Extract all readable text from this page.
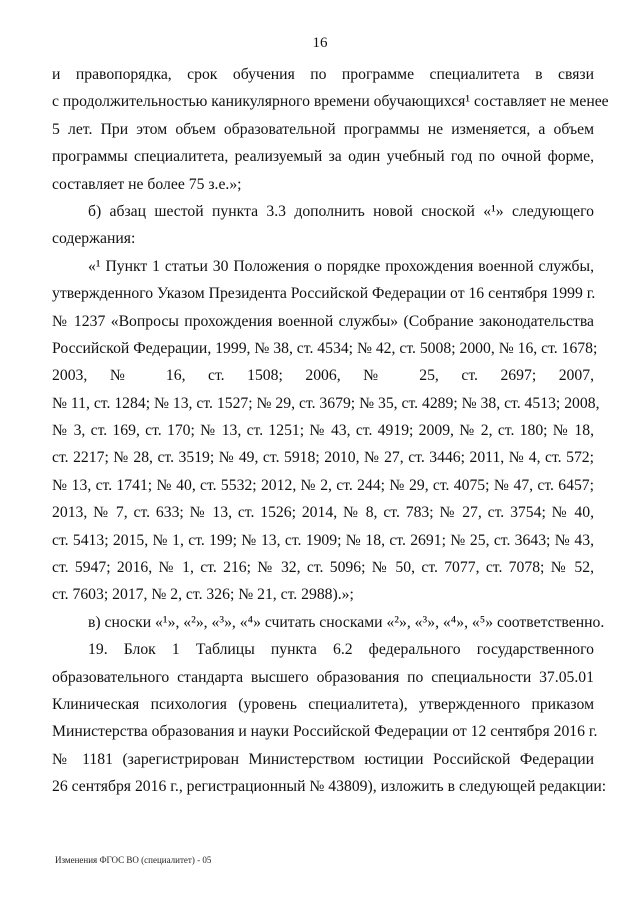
16
и правопорядка, срок обучения по программе специалитета в связи
с продолжительностью каникулярного времени обучающихся¹ составляет не менее
5 лет. При этом объем образовательной программы не изменяется, а объем
программы специалитета, реализуемый за один учебный год по очной форме,
составляет не более 75 з.е.»;
б) абзац шестой пункта 3.3 дополнить новой сноской «¹» следующего
содержания:
«¹ Пункт 1 статьи 30 Положения о порядке прохождения военной службы,
утвержденного Указом Президента Российской Федерации от 16 сентября 1999 г.
№ 1237 «Вопросы прохождения военной службы» (Собрание законодательства
Российской Федерации, 1999, № 38, ст. 4534; № 42, ст. 5008; 2000, № 16, ст. 1678;
2003, № 16, ст. 1508; 2006, № 25, ст. 2697; 2007,
№ 11, ст. 1284; № 13, ст. 1527; № 29, ст. 3679; № 35, ст. 4289; № 38, ст. 4513; 2008,
№ 3, ст. 169, ст. 170; № 13, ст. 1251; № 43, ст. 4919; 2009, № 2, ст. 180; № 18,
ст. 2217; № 28, ст. 3519; № 49, ст. 5918; 2010, № 27, ст. 3446; 2011, № 4, ст. 572;
№ 13, ст. 1741; № 40, ст. 5532; 2012, № 2, ст. 244; № 29, ст. 4075; № 47, ст. 6457;
2013, № 7, ст. 633; № 13, ст. 1526; 2014, № 8, ст. 783; № 27, ст. 3754; № 40,
ст. 5413; 2015, № 1, ст. 199; № 13, ст. 1909; № 18, ст. 2691; № 25, ст. 3643; № 43,
ст. 5947; 2016, № 1, ст. 216; № 32, ст. 5096; № 50, ст. 7077, ст. 7078; № 52,
ст. 7603; 2017, № 2, ст. 326; № 21, ст. 2988).»;
в) сноски «¹», «²», «³», «⁴» считать сносками «²», «³», «⁴», «⁵» соответственно.
19. Блок 1 Таблицы пункта 6.2 федерального государственного
образовательного стандарта высшего образования по специальности 37.05.01
Клиническая психология (уровень специалитета), утвержденного приказом
Министерства образования и науки Российской Федерации от 12 сентября 2016 г.
№ 1181 (зарегистрирован Министерством юстиции Российской Федерации
26 сентября 2016 г., регистрационный № 43809), изложить в следующей редакции:
Изменения ФГОС ВО (специалитет) - 05
